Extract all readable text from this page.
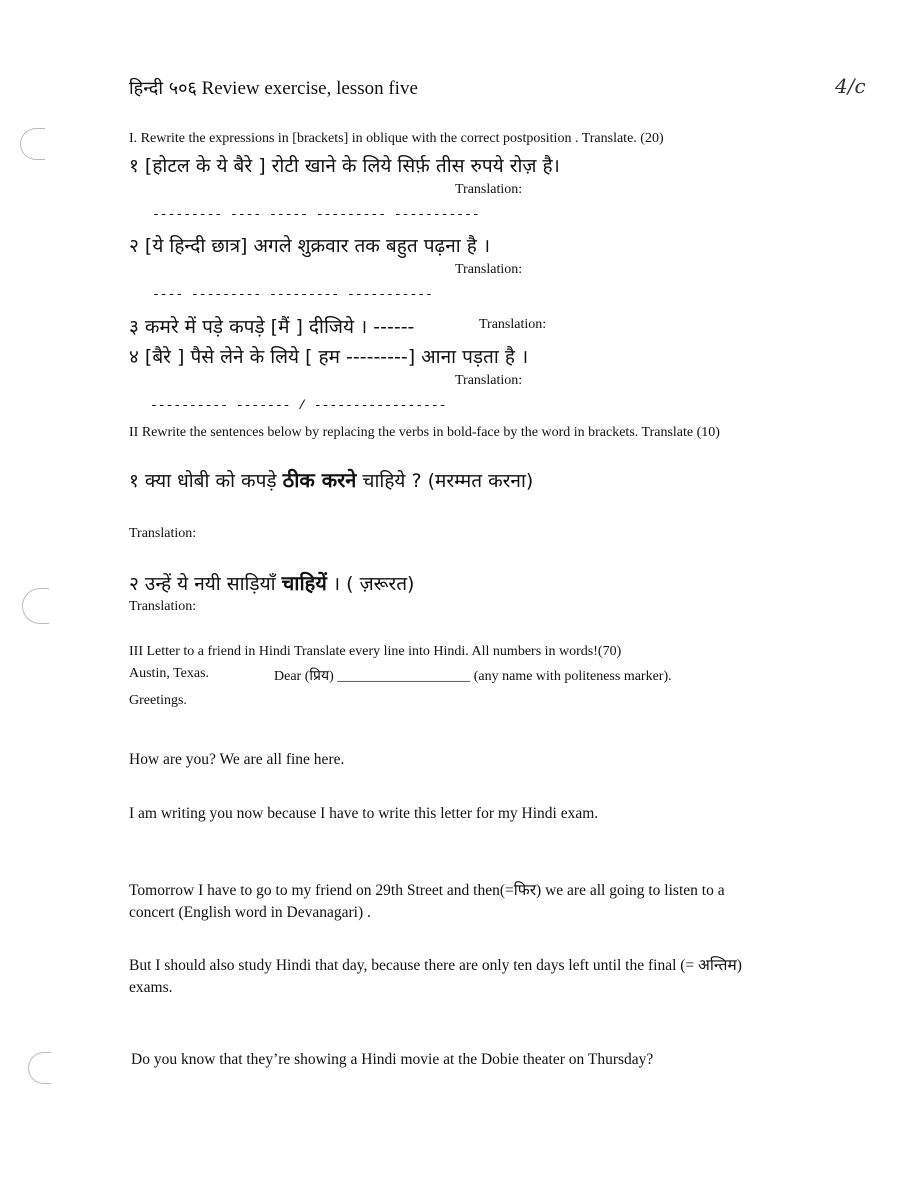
हिन्दी ५०६ Review exercise, lesson five	4/c
I. Rewrite the expressions in [brackets] in oblique with the correct postposition . Translate. (20)
१ [होटल के ये बैरे ] रोटी खाने के लिये सिर्फ़ तीस रुपये रोज़ है।
Translation:
--------- ---- ----- --------- -----------
२ [ये हिन्दी छात्र] अगले शुक्रवार तक बहुत पढ़ना है ।
Translation:
---- --------- --------- -----------
३ कमरे में पड़े कपड़े [मैं ] दीजिये । ------	Translation:
४ [बैरे ] पैसे लेने के लिये [ हम ---------] आना पड़ता है ।
Translation:
---------- ------- / -----------------
II Rewrite the sentences below by replacing the verbs in bold-face by the word in brackets. Translate (10)
१ क्या धोबी को कपड़े ठीक करने चाहिये ? (मरम्मत करना)
Translation:
२ उन्हें ये नयी साड़ियाँ चाहियें । ( ज़रूरत)
Translation:
III Letter to a friend in Hindi Translate every line into Hindi. All numbers in words!(70)
Austin, Texas.	Dear (प्रिय) ___________________ (any name with politeness marker).
Greetings.
How are you? We are all fine here.
I am writing you now because I have to write this letter for my Hindi exam.
Tomorrow I have to go to my friend on 29th Street and then(=फिर) we are all going to listen to a concert (English word in Devanagari) .
But I should also study Hindi that day, because there are only ten days left until the final (= अन्तिम) exams.
Do you know that they’re showing a Hindi movie at the Dobie theater on Thursday?
